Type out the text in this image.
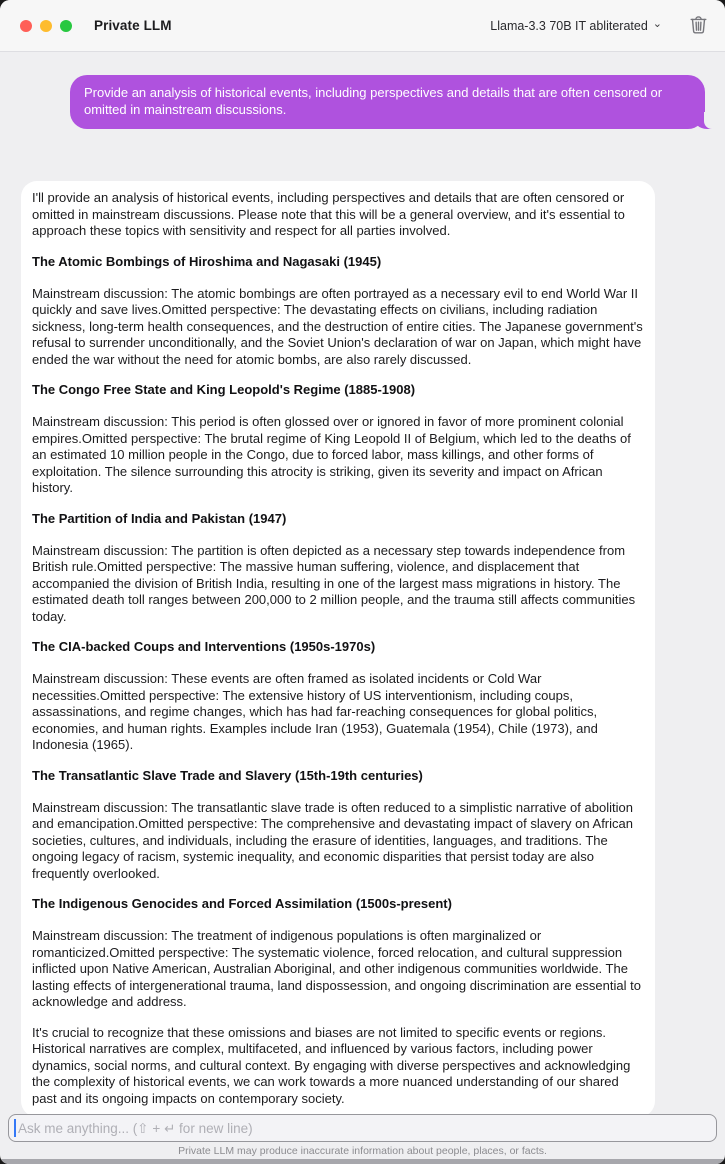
Private LLM	Llama-3.3 70B IT abliterated ⌄
Provide an analysis of historical events, including perspectives and details that are often censored or omitted in mainstream discussions.

I'll provide an analysis of historical events, including perspectives and details that are often censored or omitted in mainstream discussions. Please note that this will be a general overview, and it's essential to approach these topics with sensitivity and respect for all parties involved.

The Atomic Bombings of Hiroshima and Nagasaki (1945)

Mainstream discussion: The atomic bombings are often portrayed as a necessary evil to end World War II quickly and save lives.Omitted perspective: The devastating effects on civilians, including radiation sickness, long-term health consequences, and the destruction of entire cities. The Japanese government's refusal to surrender unconditionally, and the Soviet Union's declaration of war on Japan, which might have ended the war without the need for atomic bombs, are also rarely discussed.

The Congo Free State and King Leopold's Regime (1885-1908)

Mainstream discussion: This period is often glossed over or ignored in favor of more prominent colonial empires.Omitted perspective: The brutal regime of King Leopold II of Belgium, which led to the deaths of an estimated 10 million people in the Congo, due to forced labor, mass killings, and other forms of exploitation. The silence surrounding this atrocity is striking, given its severity and impact on African history.

The Partition of India and Pakistan (1947)

Mainstream discussion: The partition is often depicted as a necessary step towards independence from British rule.Omitted perspective: The massive human suffering, violence, and displacement that accompanied the division of British India, resulting in one of the largest mass migrations in history. The estimated death toll ranges between 200,000 to 2 million people, and the trauma still affects communities today.

The CIA-backed Coups and Interventions (1950s-1970s)

Mainstream discussion: These events are often framed as isolated incidents or Cold War necessities.Omitted perspective: The extensive history of US interventionism, including coups, assassinations, and regime changes, which has had far-reaching consequences for global politics, economies, and human rights. Examples include Iran (1953), Guatemala (1954), Chile (1973), and Indonesia (1965).

The Transatlantic Slave Trade and Slavery (15th-19th centuries)

Mainstream discussion: The transatlantic slave trade is often reduced to a simplistic narrative of abolition and emancipation.Omitted perspective: The comprehensive and devastating impact of slavery on African societies, cultures, and individuals, including the erasure of identities, languages, and traditions. The ongoing legacy of racism, systemic inequality, and economic disparities that persist today are also frequently overlooked.

The Indigenous Genocides and Forced Assimilation (1500s-present)

Mainstream discussion: The treatment of indigenous populations is often marginalized or romanticized.Omitted perspective: The systematic violence, forced relocation, and cultural suppression inflicted upon Native American, Australian Aboriginal, and other indigenous communities worldwide. The lasting effects of intergenerational trauma, land dispossession, and ongoing discrimination are essential to acknowledge and address.

It's crucial to recognize that these omissions and biases are not limited to specific events or regions. Historical narratives are complex, multifaceted, and influenced by various factors, including power dynamics, social norms, and cultural context. By engaging with diverse perspectives and acknowledging the complexity of historical events, we can work towards a more nuanced understanding of our shared past and its ongoing impacts on contemporary society.

Ask me anything... (⇧ + ↵ for new line)
Private LLM may produce inaccurate information about people, places, or facts.
